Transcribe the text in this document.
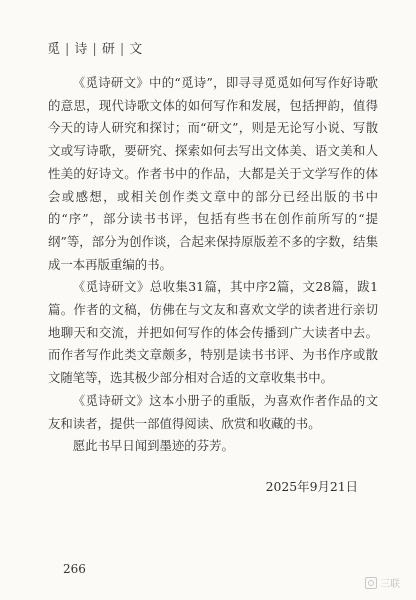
觅 | 诗 | 研 | 文

《觅诗研文》中的“觅诗”，即寻寻觅觅如何写作好诗歌的意思，现代诗歌文体的如何写作和发展，包括押韵，值得今天的诗人研究和探讨；而“研文”，则是无论写小说、写散文或写诗歌，要研究、探索如何去写出文体美、语文美和人性美的好诗文。作者书中的作品，大都是关于文学写作的体会或感想，或相关创作类文章中的部分已经出版的书中的“序”，部分读书书评，包括有些书在创作前所写的“提纲”等，部分为创作谈，合起来保持原版差不多的字数，结集成一本再版重编的书。

《觅诗研文》总收集31篇，其中序2篇，文28篇，跋1篇。作者的文稿，仿佛在与文友和喜欢文学的读者进行亲切地聊天和交流，并把如何写作的体会传播到广大读者中去。而作者写作此类文章颇多，特别是读书书评、为书作序或散文随笔等，选其极少部分相对合适的文章收集书中。

《觅诗研文》这本小册子的重版，为喜欢作者作品的文友和读者，提供一部值得阅读、欣赏和收藏的书。

愿此书早日闻到墨迹的芬芳。

2025年9月21日
266
三联
